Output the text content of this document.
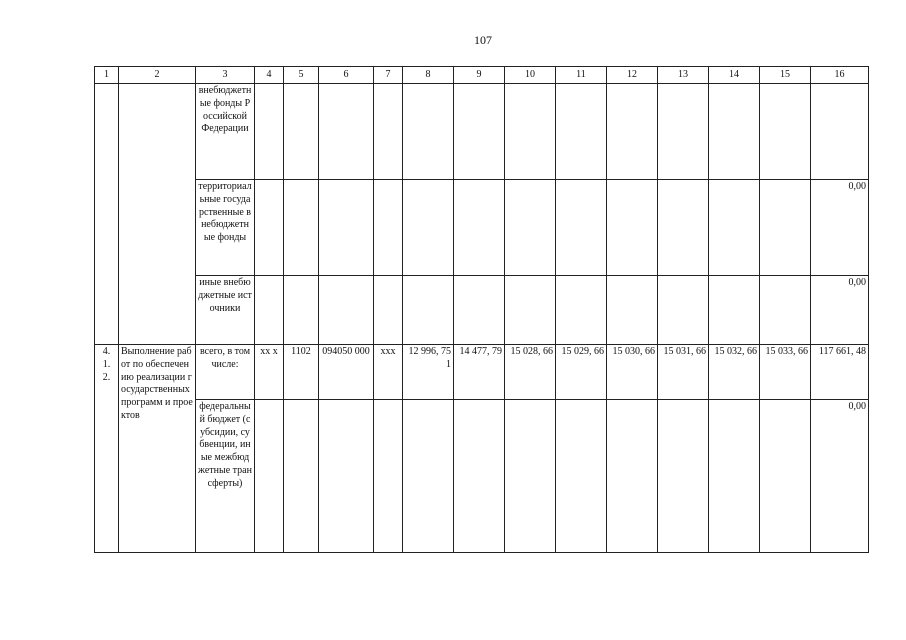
107
1	2	3	4	5	6	7	8	9	10	11	12	13	14	15	16
		внебюджетные фонды Российской Федерации													
		территориальные государственные внебюджетные фонды													0,00
		иные внебюджетные источники													0,00

4.
1.
2.	Выполнение работ по обеспечению реализации государственных программ и проектов	всего, в том числе:	хх х	1102	094050 000	ххх	12 996, 751	14 477, 79	15 028, 66	15 029, 66	15 030, 66	15 031, 66	15 032, 66	15 033, 66	117 661, 48
		федеральный бюджет (субсидии, субвенции, иные межбюджетные трансферты)													0,00
